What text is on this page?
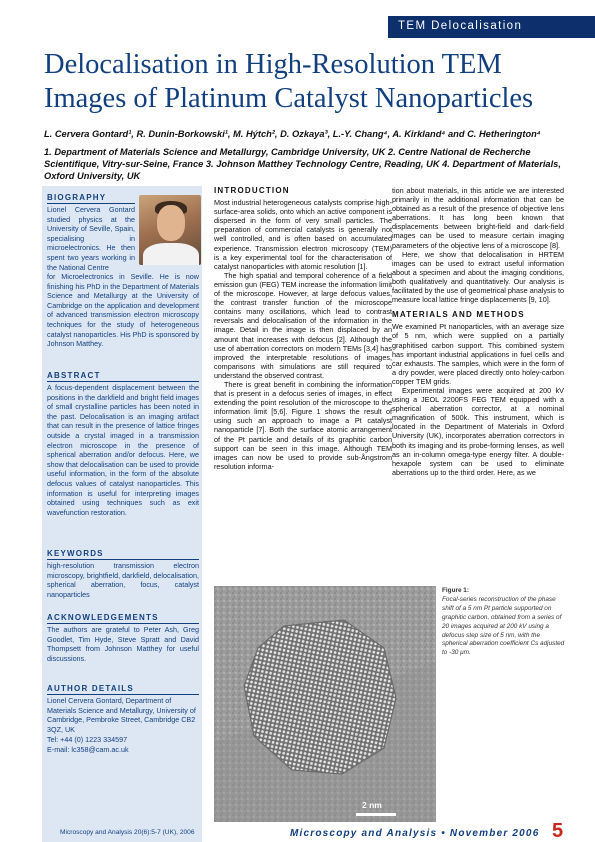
TEM Delocalisation
Delocalisation in High-Resolution TEM Images of Platinum Catalyst Nanoparticles
L. Cervera Gontard¹, R. Dunin-Borkowski¹, M. Hýtch², D. Ozkaya³, L.-Y. Chang⁴, A. Kirkland⁴ and C. Hetherington⁴
1. Department of Materials Science and Metallurgy, Cambridge University, UK 2. Centre National de Recherche Scientifique, Vitry-sur-Seine, France 3. Johnson Matthey Technology Centre, Reading, UK 4. Department of Materials, Oxford University, UK
BIOGRAPHY
Lionel Cervera Gontard studied physics at the University of Seville, Spain, specialising in microelectronics. He then spent two years working in the National Centre
for Microelectronics in Seville. He is now finishing his PhD in the Department of Materials Science and Metallurgy at the University of Cambridge on the application and development of advanced transmission electron microscopy techniques for the study of heterogeneous catalyst nanoparticles. His PhD is sponsored by Johnson Matthey.
ABSTRACT
A focus-dependent displacement between the positions in the darkfield and bright field images of small crystalline particles has been noted in the past. Delocalisation is an imaging artifact that can result in the presence of lattice fringes outside a crystal imaged in a transmission electron microscope in the presence of spherical aberration and/or defocus. Here, we show that delocalisation can be used to provide useful information, in the form of the absolute defocus values of catalyst nanoparticles. This information is useful for interpreting images obtained using techniques such as exit wavefunction restoration.
KEYWORDS
high-resolution transmission electron microscopy, brightfield, darkfield, delocalisation, spherical aberration, focus, catalyst nanoparticles
ACKNOWLEDGEMENTS
The authors are grateful to Peter Ash, Greg Goodlet, Tim Hyde, Steve Spratt and David Thompsett from Johnson Matthey for useful discussions.
AUTHOR DETAILS
Lionel Cervera Gontard, Department of Materials Science and Metallurgy, University of Cambridge, Pembroke Street, Cambridge CB2 3QZ, UK
Tel: +44 (0) 1223 334597
E-mail: lc358@cam.ac.uk
Microscopy and Analysis 20(6):5-7 (UK), 2006
INTRODUCTION

Most industrial heterogeneous catalysts comprise high-surface-area solids, onto which an active component is dispersed in the form of very small particles. The preparation of commercial catalysts is generally not well controlled, and is often based on accumulated experience. Transmission electron microscopy (TEM) is a key experimental tool for the characterisation of catalyst nanoparticles with atomic resolution [1].

The high spatial and temporal coherence of a field emission gun (FEG) TEM increase the information limit of the microscope. However, at large defocus values, the contrast transfer function of the microscope contains many oscillations, which lead to contrast reversals and delocalisation of the information in the image. Detail in the image is then displaced by an amount that increases with defocus [2]. Although the use of aberration correctors on modern TEMs [3,4] has improved the interpretable resolutions of images, comparisons with simulations are still required to understand the observed contrast.

There is great benefit in combining the information that is present in a defocus series of images, in effect extending the point resolution of the microscope to the information limit [5,6]. Figure 1 shows the result of using such an approach to image a Pt catalyst nanoparticle [7]. Both the surface atomic arrangement of the Pt particle and details of its graphitic carbon support can be seen in this image. Although TEM images can now be used to provide sub-Ångstrom resolution informa-

tion about materials, in this article we are interested primarily in the additional information that can be obtained as a result of the presence of objective lens aberrations. It has long been known that displacements between bright-field and dark-field images can be used to measure certain imaging parameters of the objective lens of a microscope [8].

Here, we show that delocalisation in HRTEM images can be used to extract useful information about a specimen and about the imaging conditions, both qualitatively and quantitatively. Our analysis is facilitated by the use of geometrical phase analysis to measure local lattice fringe displacements [9, 10].

MATERIALS AND METHODS

We examined Pt nanoparticles, with an average size of 5 nm, which were supplied on a partially graphitised carbon support. This combined system has important industrial applications in fuel cells and car exhausts. The samples, which were in the form of a dry powder, were placed directly onto holey-carbon copper TEM grids.

Experimental images were acquired at 200 kV using a JEOL 2200FS FEG TEM equipped with a spherical aberration corrector, at a nominal magnification of 500k. This instrument, which is located in the Department of Materials in Oxford University (UK), incorporates aberration correctors in both its imaging and its probe-forming lenses, as well as an in-column omega-type energy filter. A double-hexapole system can be used to eliminate aberrations up to the third order. Here, as we

2 nm
Figure 1:
Focal-series reconstruction of the phase shift of a 5 nm Pt particle supported on graphitic carbon, obtained from a series of 20 images acquired at 200 kV using a defocus step size of 5 nm, with the spherical aberration coefficient Cs adjusted to -30 μm.
Microscopy and Analysis • November 2006 5
